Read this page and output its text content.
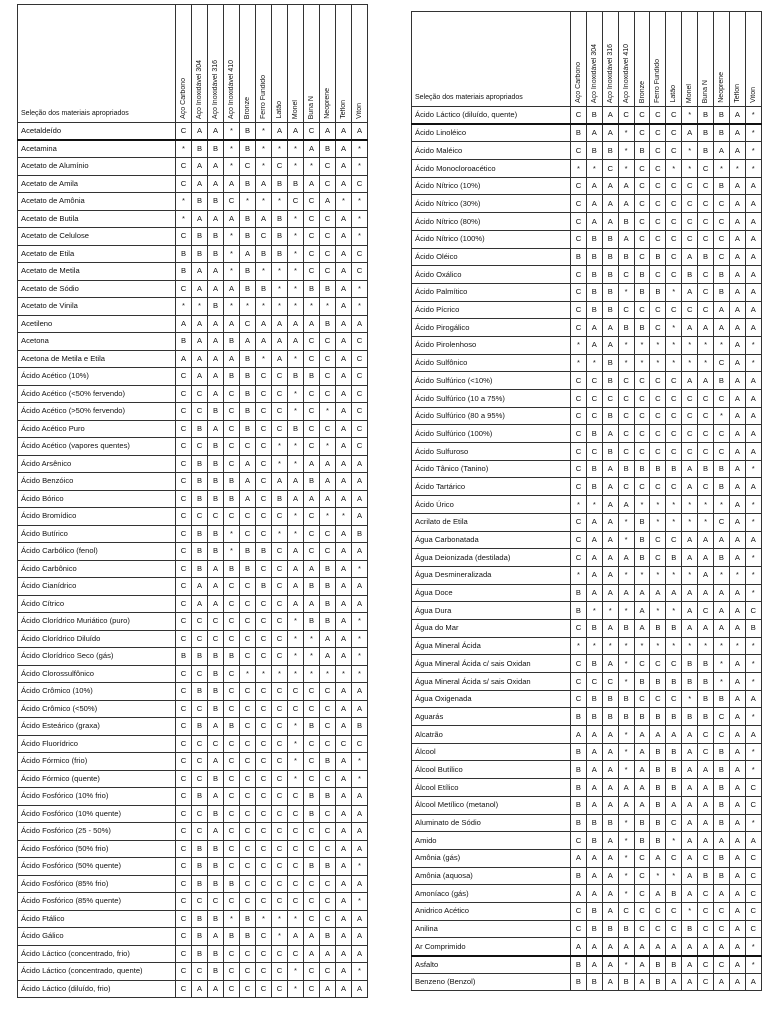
Seleção dos materiais apropriados	Aço Carbono	Aço Inoxidável 304	Aço Inoxidável 316	Aço Inoxidável 410	Bronze	Ferro Fundido	Latão	Monel	Buna N	Neoprene	Teflon	Viton

Acetaldeído	C	A	A	*	B	*	A	A	C	A	A	A
Acetamina	*	B	B	*	B	*	*	*	A	B	A	*
Acetato de Alumínio	C	A	A	*	C	*	C	*	*	C	A	*
Acetato de Amila	C	A	A	A	B	A	B	B	A	C	A	C
Acetato de Amônia	*	B	B	C	*	*	*	C	C	A	*	*
Acetato de Butila	*	A	A	A	B	A	B	*	C	C	A	*
Acetato de Celulose	C	B	B	*	B	C	B	*	C	C	A	*
Acetato de Etila	B	B	B	*	A	B	B	*	C	C	A	C
Acetato de Metila	B	A	A	*	B	*	*	*	C	C	A	C
Acetato de Sódio	C	A	A	A	B	B	*	*	B	B	A	*
Acetato de Vinila	*	*	B	*	*	*	*	*	*	*	A	*
Acetileno	A	A	A	A	C	A	A	A	A	B	A	A
Acetona	B	A	A	B	A	A	A	A	C	C	A	C
Acetona de Metila e Etila	A	A	A	A	B	*	A	*	C	C	A	C
Ácido Acético (10%)	C	A	A	B	B	C	C	B	B	C	A	C
Ácido Acético (<50% fervendo)	C	C	A	C	B	C	C	*	C	C	A	C
Ácido Acético (>50% fervendo)	C	C	B	C	B	C	C	*	C	*	A	C
Ácido Acético Puro	C	B	A	C	B	C	C	B	C	C	A	C
Ácido Acético (vapores quentes)	C	C	B	C	C	C	*	*	C	*	A	C
Ácido Arsênico	C	B	B	C	A	C	*	*	A	A	A	A
Ácido Benzóico	C	B	B	B	A	C	A	A	B	A	A	A
Ácido Bórico	C	B	B	B	A	C	B	A	A	A	A	A
Ácido Bromídico	C	C	C	C	C	C	C	*	C	*	*	A
Ácido Butírico	C	B	B	*	C	C	*	*	C	C	A	B
Ácido Carbólico (fenol)	C	B	B	*	B	B	C	A	C	C	A	A
Ácido Carbônico	C	B	A	B	B	C	C	A	A	B	A	*
Ácido Cianídrico	C	A	A	C	C	B	C	A	B	B	A	A
Ácido Cítrico	C	A	A	C	C	C	C	A	A	B	A	A
Ácido Clorídrico Muriático (puro)	C	C	C	C	C	C	C	*	B	B	A	*
Ácido Clorídrico Diluído	C	C	C	C	C	C	C	*	*	A	A	*
Ácido Clorídrico Seco (gás)	B	B	B	B	C	C	C	*	*	A	A	*
Ácido Clorossulfônico	C	C	B	C	*	*	*	*	*	*	*	*
Ácido Crômico (10%)	C	B	B	C	C	C	C	C	C	C	A	A
Ácido Crômico (<50%)	C	C	B	C	C	C	C	C	C	C	A	A
Ácido Esteárico (graxa)	C	B	A	B	C	C	C	*	B	C	A	B
Ácido Fluorídrico	C	C	C	C	C	C	C	*	C	C	C	C
Ácido Fórmico (frio)	C	C	A	C	C	C	C	*	C	B	A	*
Ácido Fórmico (quente)	C	C	B	C	C	C	C	*	C	C	A	*
Ácido Fosfórico (10% frio)	C	B	A	C	C	C	C	C	B	B	A	A
Ácido Fosfórico (10% quente)	C	C	B	C	C	C	C	C	B	C	A	A
Ácido Fosfórico (25 - 50%)	C	C	A	C	C	C	C	C	C	C	A	A
Ácido Fosfórico (50% frio)	C	B	B	C	C	C	C	C	C	C	A	A
Ácido Fosfórico (50% quente)	C	B	B	C	C	C	C	C	B	B	A	*
Ácido Fosfórico (85% frio)	C	B	B	B	C	C	C	C	C	C	A	A
Ácido Fosfórico (85% quente)	C	C	C	C	C	C	C	C	C	C	A	*
Ácido Ftálico	C	B	B	*	B	*	*	*	C	C	A	A
Ácido Gálico	C	B	A	B	B	C	*	A	A	B	A	A
Ácido Láctico (concentrado, frio)	C	B	B	C	C	C	C	C	A	A	A	A
Ácido Láctico (concentrado, quente)	C	C	B	C	C	C	C	*	C	C	A	*
Ácido Láctico (diluído, frio)	C	A	A	C	C	C	C	*	C	A	A	A
Seleção dos materiais apropriados	Aço Carbono	Aço Inoxidável 304	Aço Inoxidável 316	Aço Inoxidável 410	Bronze	Ferro Fundido	Latão	Monel	Buna N	Neoprene	Teflon	Viton

Ácido Láctico (diluído, quente)	C	B	A	C	C	C	C	*	B	B	A	*
Ácido Linoléico	B	A	A	*	C	C	C	A	B	B	A	*
Ácido Maléico	C	B	B	*	B	C	C	*	B	A	A	*
Ácido Monocloroacético	*	*	C	*	C	C	*	*	C	*	*	*
Ácido Nítrico (10%)	C	A	A	A	C	C	C	C	C	B	A	A
Ácido Nítrico (30%)	C	A	A	A	C	C	C	C	C	C	A	A
Ácido Nítrico (80%)	C	A	A	B	C	C	C	C	C	C	A	A
Ácido Nítrico (100%)	C	B	B	A	C	C	C	C	C	C	A	A
Ácido Oléico	B	B	B	B	C	B	C	A	B	C	A	A
Ácido Oxálico	C	B	B	C	B	C	C	B	C	B	A	A
Ácido Palmítico	C	B	B	*	B	B	*	A	C	B	A	A
Ácido Pícrico	C	B	B	C	C	C	C	C	C	A	A	A
Ácido Pirogálico	C	A	A	B	B	C	*	A	A	A	A	A
Ácido Pirolenhoso	*	A	A	*	*	*	*	*	*	*	A	*
Ácido Sulfônico	*	*	B	*	*	*	*	*	*	C	A	*
Ácido Sulfúrico (<10%)	C	C	B	C	C	C	C	A	A	B	A	A
Ácido Sulfúrico (10 a 75%)	C	C	C	C	C	C	C	C	C	C	A	A
Ácido Sulfúrico (80 a 95%)	C	C	B	C	C	C	C	C	C	*	A	A
Ácido Sulfúrico (100%)	C	B	A	C	C	C	C	C	C	C	A	A
Ácido Sulfuroso	C	C	B	C	C	C	C	C	C	C	A	A
Ácido Tânico (Tanino)	C	B	A	B	B	B	B	A	B	B	A	*
Ácido Tartárico	C	B	A	C	C	C	C	A	C	B	A	A
Ácido Úrico	*	*	A	A	*	*	*	*	*	*	A	*
Acrilato de Etila	C	A	A	*	B	*	*	*	*	C	A	*
Água Carbonatada	C	A	A	*	B	C	C	A	A	A	A	A
Água Deionizada (destilada)	C	A	A	A	B	C	B	A	A	B	A	*
Água Desmineralizada	*	A	A	*	*	*	*	*	A	*	*	*
Água Doce	B	A	A	A	A	A	A	A	A	A	A	*
Água Dura	B	*	*	*	A	*	*	A	C	A	A	C
Água do Mar	C	B	A	B	A	B	B	A	A	A	A	B
Água Mineral Ácida	*	*	*	*	*	*	*	*	*	*	*	*
Água Mineral Ácida c/ sais Oxidan	C	B	A	*	C	C	C	B	B	*	A	*
Água Mineral Ácida s/ sais Oxidan	C	C	C	*	B	B	B	B	B	*	A	*
Água Oxigenada	C	B	B	B	C	C	C	*	B	B	A	A
Aguarás	B	B	B	B	B	B	B	B	B	C	A	*
Alcatrão	A	A	A	*	A	A	A	A	C	C	A	A
Álcool	B	A	A	*	A	B	B	A	C	B	A	*
Álcool Butílico	B	A	A	*	A	B	B	A	A	B	A	*
Álcool Etílico	B	A	A	A	A	B	B	A	A	B	A	C
Álcool Metílico (metanol)	B	A	A	A	A	B	A	A	A	B	A	C
Aluminato de Sódio	B	B	B	*	B	B	C	A	A	B	A	*
Amido	C	B	A	*	B	B	*	A	A	A	A	A
Amônia (gás)	A	A	A	*	C	A	C	A	C	B	A	C
Amônia (aquosa)	B	A	A	*	C	*	*	A	B	B	A	C
Amoníaco (gás)	A	A	A	*	C	A	B	A	C	A	A	C
Anidrico Acético	C	B	A	C	C	C	C	*	C	C	A	C
Anilina	C	B	B	B	C	C	C	B	C	C	A	C
Ar Comprimido	A	A	A	A	A	A	A	A	A	A	A	*
Asfalto	B	A	A	*	A	B	B	A	C	C	A	*
Benzeno (Benzol)	B	B	A	B	A	B	A	A	C	A	A	A
